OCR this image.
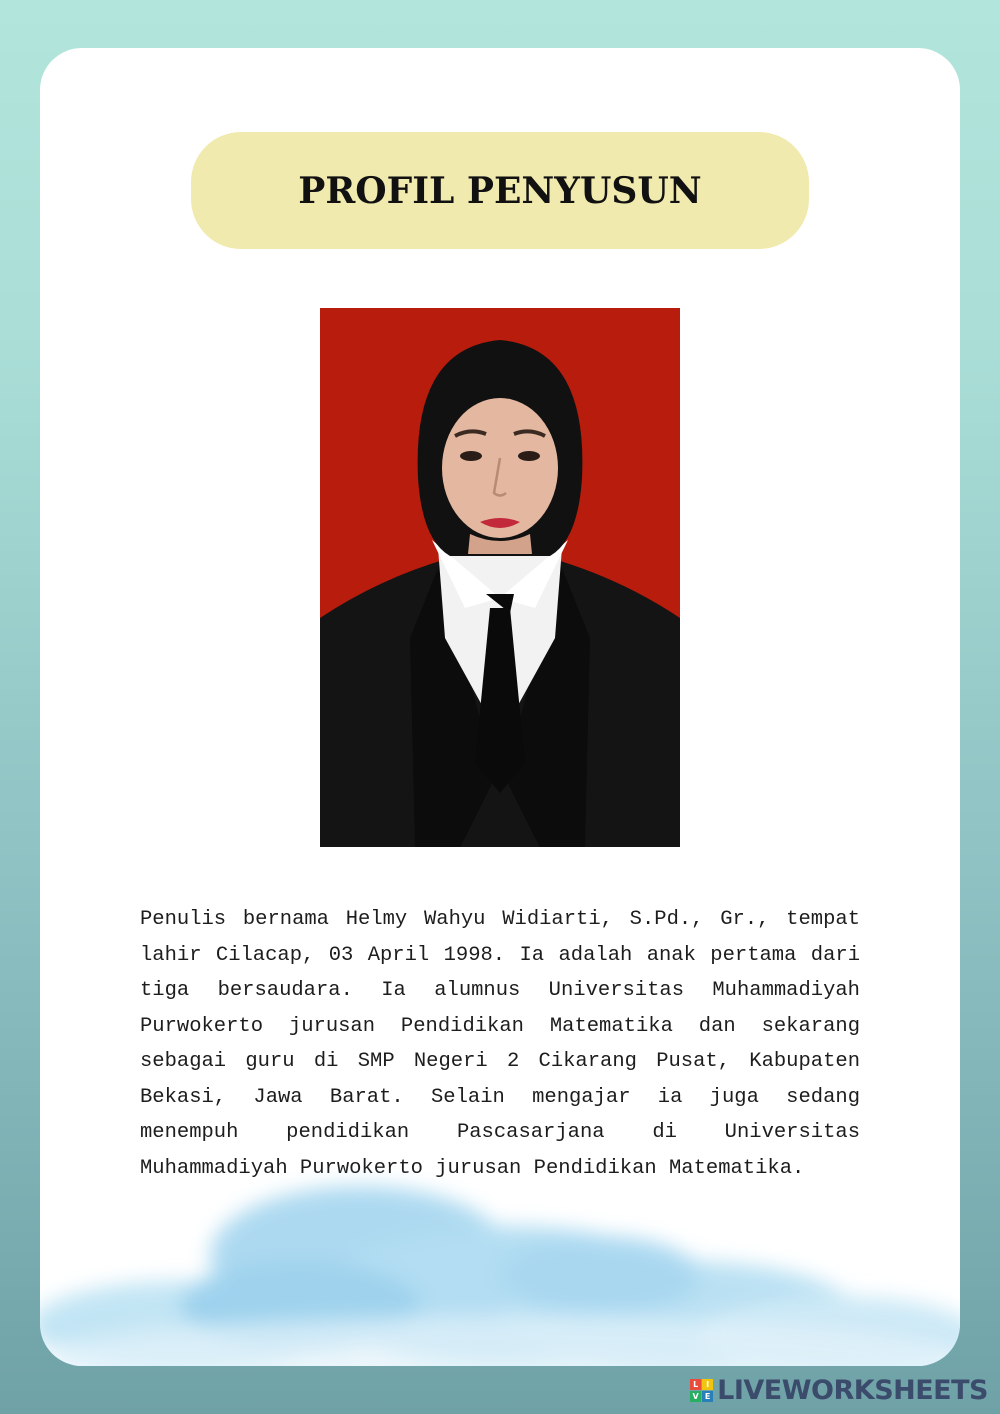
PROFIL PENYUSUN

Penulis bernama Helmy Wahyu Widiarti, S.Pd., Gr., tempat lahir Cilacap, 03 April 1998. Ia adalah anak pertama dari tiga bersaudara. Ia alumnus Universitas Muhammadiyah Purwokerto jurusan Pendidikan Matematika dan sekarang sebagai guru di SMP Negeri 2 Cikarang Pusat, Kabupaten Bekasi, Jawa Barat. Selain mengajar ia juga sedang menempuh pendidikan Pascasarjana di Universitas Muhammadiyah Purwokerto jurusan Pendidikan Matematika.

L I
V E LIVEWORKSHEETS
